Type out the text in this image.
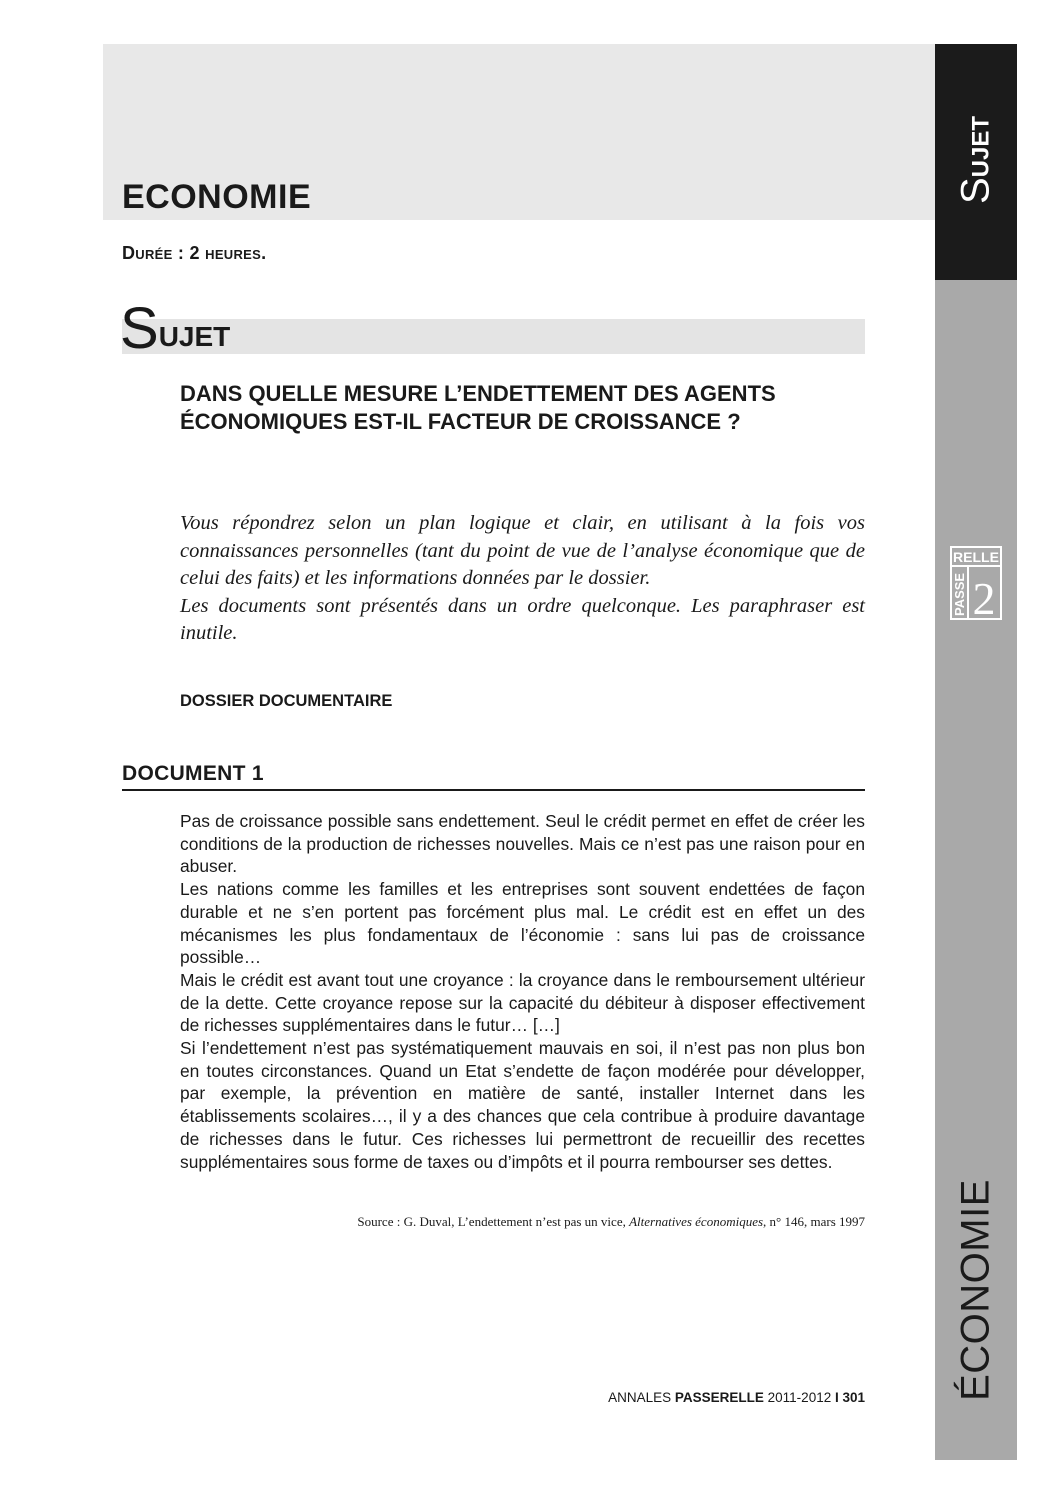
ECONOMIE
Durée : 2 heures.
SUJET
DANS QUELLE MESURE L’ENDETTEMENT DES AGENTS ÉCONOMIQUES EST-IL FACTEUR DE CROISSANCE ?

Vous répondrez selon un plan logique et clair, en utilisant à la fois vos connaissances personnelles (tant du point de vue de l’analyse économique que de celui des faits) et les informations données par le dossier.

Les documents sont présentés dans un ordre quelconque. Les paraphraser est inutile.

DOSSIER DOCUMENTAIRE
DOCUMENT 1

Pas de croissance possible sans endettement. Seul le crédit permet en effet de créer les conditions de la production de richesses nouvelles. Mais ce n’est pas une raison pour en abuser.

Les nations comme les familles et les entreprises sont souvent endettées de façon durable et ne s’en portent pas forcément plus mal. Le crédit est en effet un des mécanismes les plus fondamentaux de l’économie : sans lui pas de croissance possible…

Mais le crédit est avant tout une croyance : la croyance dans le remboursement ultérieur de la dette. Cette croyance repose sur la capacité du débiteur à disposer effectivement de richesses supplémentaires dans le futur… […]

Si l’endettement n’est pas systématiquement mauvais en soi, il n’est pas non plus bon en toutes circonstances. Quand un Etat s’endette de façon modérée pour développer, par exemple, la prévention en matière de santé, installer Internet dans les établissements scolaires…, il y a des chances que cela contribue à produire davantage de richesses dans le futur. Ces richesses lui permettront de recueillir des recettes supplémentaires sous forme de taxes ou d’impôts et il pourra rembourser ses dettes.

Source : G. Duval, L’endettement n’est pas un vice, Alternatives économiques, n° 146, mars 1997
ANNALES PASSERELLE 2011-2012 I 301
SUJET
ÉCONOMIE
RELLE
PASSE 2
